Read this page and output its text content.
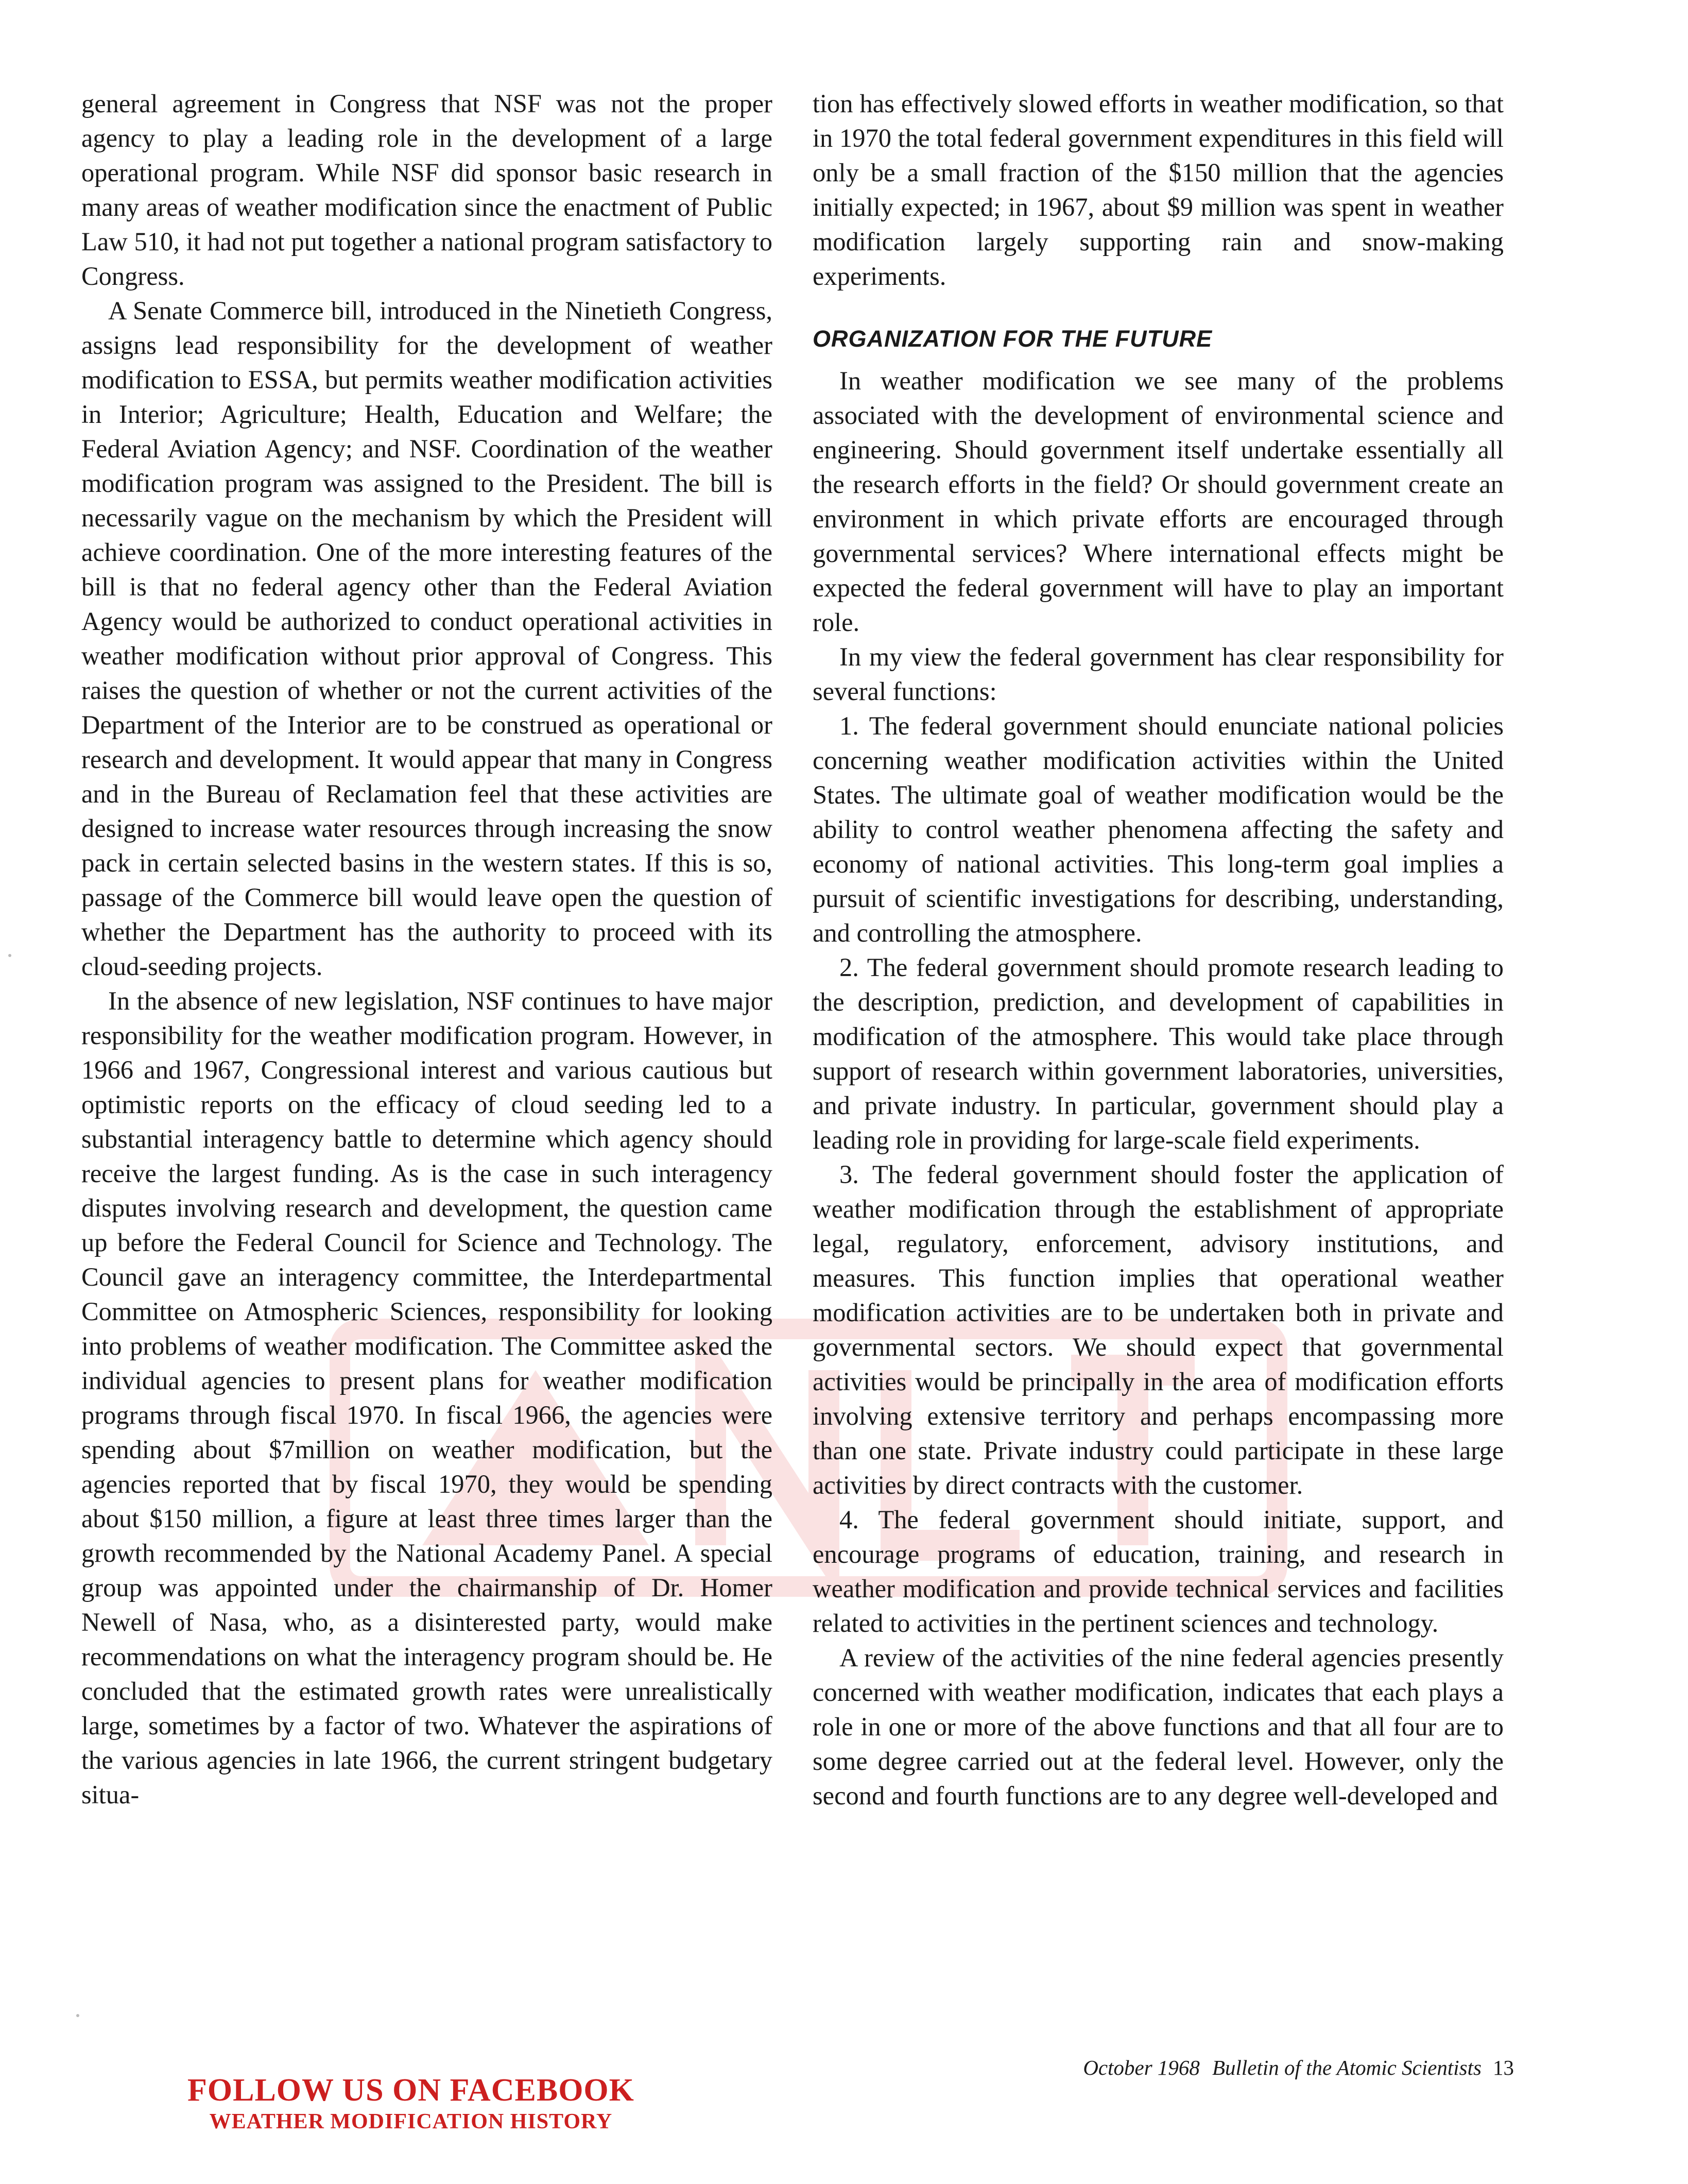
general agreement in Congress that NSF was not the proper agency to play a leading role in the development of a large operational program. While NSF did sponsor basic research in many areas of weather modification since the enactment of Public Law 510, it had not put together a national program satisfactory to Congress.

A Senate Commerce bill, introduced in the Ninetieth Congress, assigns lead responsibility for the development of weather modification to ESSA, but permits weather modification activities in Interior; Agriculture; Health, Education and Welfare; the Federal Aviation Agency; and NSF. Coordination of the weather modification program was assigned to the President. The bill is necessarily vague on the mechanism by which the President will achieve coordination. One of the more interesting features of the bill is that no federal agency other than the Federal Aviation Agency would be authorized to conduct operational activities in weather modification without prior approval of Congress. This raises the question of whether or not the current activities of the Department of the Interior are to be construed as operational or research and development. It would appear that many in Congress and in the Bureau of Reclamation feel that these activities are designed to increase water resources through increasing the snow pack in certain selected basins in the western states. If this is so, passage of the Commerce bill would leave open the question of whether the Department has the authority to proceed with its cloud-seeding projects.

In the absence of new legislation, NSF continues to have major responsibility for the weather modification program. However, in 1966 and 1967, Congressional interest and various cautious but optimistic reports on the efficacy of cloud seeding led to a substantial interagency battle to determine which agency should receive the largest funding. As is the case in such interagency disputes involving research and development, the question came up before the Federal Council for Science and Technology. The Council gave an interagency committee, the Interdepartmental Committee on Atmospheric Sciences, responsibility for looking into problems of weather modification. The Committee asked the individual agencies to present plans for weather modification programs through fiscal 1970. In fiscal 1966, the agencies were spending about $7million on weather modification, but the agencies reported that by fiscal 1970, they would be spending about $150 million, a figure at least three times larger than the growth recommended by the National Academy Panel. A special group was appointed under the chairmanship of Dr. Homer Newell of Nasa, who, as a disinterested party, would make recommendations on what the interagency program should be. He concluded that the estimated growth rates were unrealistically large, sometimes by a factor of two. Whatever the aspirations of the various agencies in late 1966, the current stringent budgetary situa-

tion has effectively slowed efforts in weather modification, so that in 1970 the total federal government expenditures in this field will only be a small fraction of the $150 million that the agencies initially expected; in 1967, about $9 million was spent in weather modification largely supporting rain and snow-making experiments.

ORGANIZATION FOR THE FUTURE

In weather modification we see many of the problems associated with the development of environmental science and engineering. Should government itself undertake essentially all the research efforts in the field? Or should government create an environment in which private efforts are encouraged through governmental services? Where international effects might be expected the federal government will have to play an important role.

In my view the federal government has clear responsibility for several functions:

1. The federal government should enunciate national policies concerning weather modification activities within the United States. The ultimate goal of weather modification would be the ability to control weather phenomena affecting the safety and economy of national activities. This long-term goal implies a pursuit of scientific investigations for describing, understanding, and controlling the atmosphere.

2. The federal government should promote research leading to the description, prediction, and development of capabilities in modification of the atmosphere. This would take place through support of research within government laboratories, universities, and private industry. In particular, government should play a leading role in providing for large-scale field experiments.

3. The federal government should foster the application of weather modification through the establishment of appropriate legal, regulatory, enforcement, advisory institutions, and measures. This function implies that operational weather modification activities are to be undertaken both in private and governmental sectors. We should expect that governmental activities would be principally in the area of modification efforts involving extensive territory and perhaps encompassing more than one state. Private industry could participate in these large activities by direct contracts with the customer.

4. The federal government should initiate, support, and encourage programs of education, training, and research in weather modification and provide technical services and facilities related to activities in the pertinent sciences and technology.

A review of the activities of the nine federal agencies presently concerned with weather modification, indicates that each plays a role in one or more of the above functions and that all four are to some degree carried out at the federal level. However, only the second and fourth functions are to any degree well-developed and

October 1968 Bulletin of the Atomic Scientists 13
FOLLOW US ON FACEBOOK
WEATHER MODIFICATION HISTORY
